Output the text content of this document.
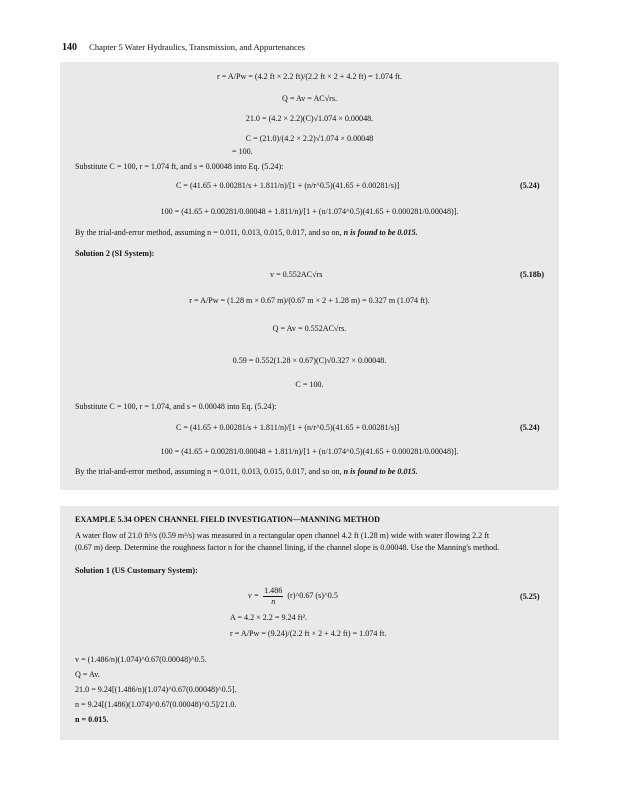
140 Chapter 5 Water Hydraulics, Transmission, and Appurtenances
r = A/Pw = (4.2 ft × 2.2 ft)/(2.2 ft × 2 + 4.2 ft) = 1.074 ft.
Q = Av = AC√rs.
21.0 = (4.2 × 2.2)(C)√1.074 × 0.00048.
C = (21.0)/(4.2 × 2.2)√1.074 × 0.00048
= 100.
Substitute C = 100, r = 1.074 ft, and s = 0.00048 into Eq. (5.24):
C = (41.65 + 0.00281/s + 1.811/n)/[1 + (n/r^0.5)(41.65 + 0.00281/s)]	(5.24)
100 = (41.65 + 0.00281/0.00048 + 1.811/n)/[1 + (n/1.074^0.5)(41.65 + 0.000281/0.00048)].
By the trial-and-error method, assuming n = 0.011, 0.013, 0.015, 0.017, and so on, n is found to be 0.015.
Solution 2 (SI System):
v = 0.552AC√rs	(5.18b)
r = A/Pw = (1.28 m × 0.67 m)/(0.67 m × 2 + 1.28 m) = 0.327 m (1.074 ft).
Q = Av = 0.552AC√rs.
0.59 = 0.552(1.28 × 0.67)(C)√0.327 × 0.00048.
C = 100.
Substitute C = 100, r = 1.074, and s = 0.00048 into Eq. (5.24):
C = (41.65 + 0.00281/s + 1.811/n)/[1 + (n/r^0.5)(41.65 + 0.00281/s)]	(5.24)
100 = (41.65 + 0.00281/0.00048 + 1.811/n)/[1 + (n/1.074^0.5)(41.65 + 0.000281/0.00048)].
By the trial-and-error method, assuming n = 0.011, 0.013, 0.015, 0.017, and so on, n is found to be 0.015.
EXAMPLE 5.34 OPEN CHANNEL FIELD INVESTIGATION—MANNING METHOD
A water flow of 21.0 ft³/s (0.59 m³/s) was measured in a rectangular open channel 4.2 ft (1.28 m) wide with water flowing 2.2 ft
(0.67 m) deep. Determine the roughness factor n for the channel lining, if the channel slope is 0.00048. Use the Manning's method.
Solution 1 (US Customary System):
$v = \frac{1.486}{n}$ (r)^0.67 (s)^0.5	(5.25)
A = 4.2 × 2.2 = 9.24 ft².
r = A/Pw = (9.24)/(2.2 ft × 2 + 4.2 ft) = 1.074 ft.
v = (1.486/n)(1.074)^0.67(0.00048)^0.5.
Q = Av.
21.0 = 9.24[(1.486/n)(1.074)^0.67(0.00048)^0.5].
n = 9.24[(1.486)(1.074)^0.67(0.00048)^0.5]/21.0.
n = 0.015.
